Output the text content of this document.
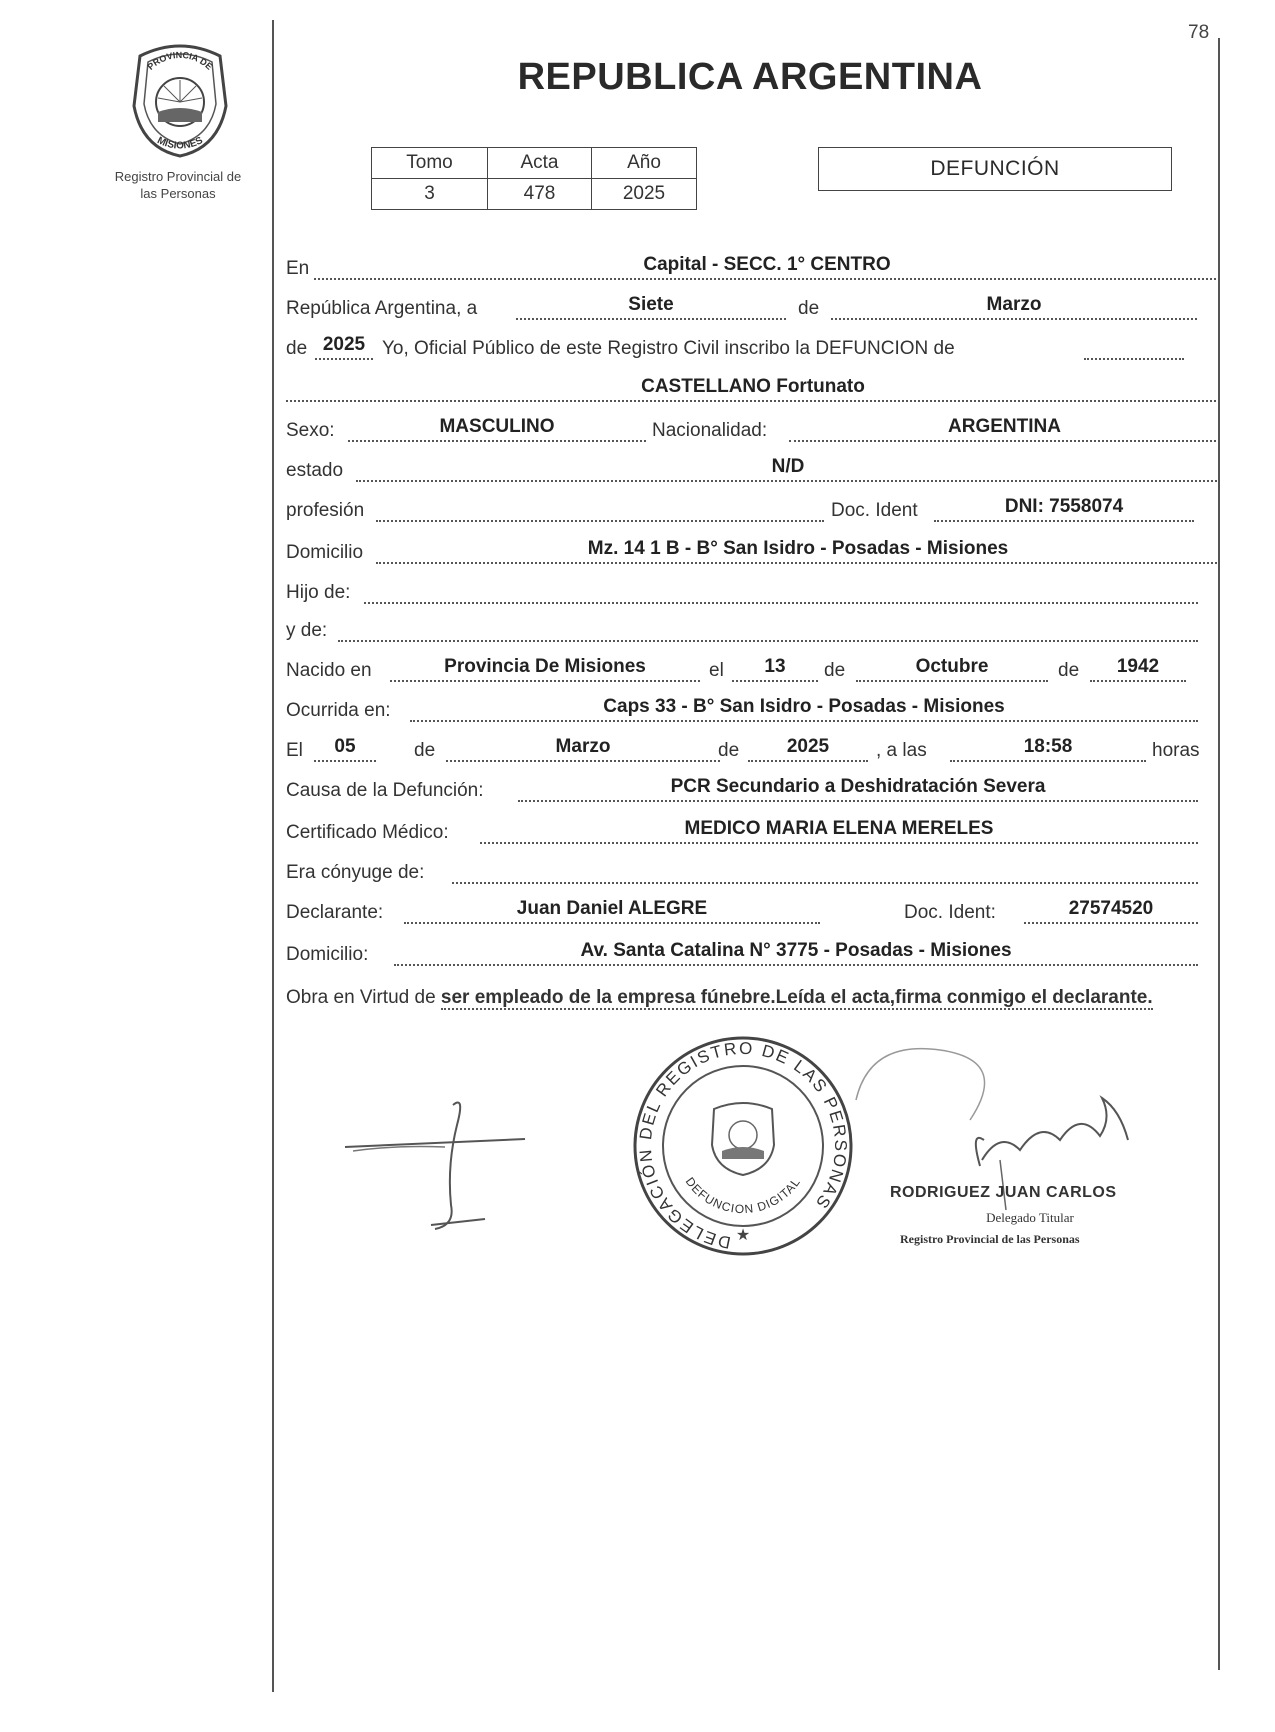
78
PROVINCIA DE
MISIONES
Registro Provincial de
las Personas
REPUBLICA ARGENTINA
Tomo	Acta	Año
3	478	2025
DEFUNCIÓN
En	Capital - SECC. 1° CENTRO
República Argentina, a	Siete	de	Marzo
de 2025 Yo, Oficial Público de este Registro Civil inscribo la DEFUNCION de
CASTELLANO Fortunato
Sexo:	MASCULINO	Nacionalidad:	ARGENTINA
estado	N/D
profesión	Doc. Ident	DNI: 7558074
Domicilio	Mz. 14 1 B - B° San Isidro - Posadas - Misiones
Hijo de:
y de:
Nacido en	Provincia De Misiones	el	13	de	Octubre	de	1942
Ocurrida en:	Caps 33 - B° San Isidro - Posadas - Misiones
El	05	de	Marzo	de	2025	, a las	18:58	horas
Causa de la Defunción:	PCR Secundario a Deshidratación Severa
Certificado Médico:	MEDICO MARIA ELENA MERELES
Era cónyuge de:
Declarante:	Juan Daniel ALEGRE	Doc. Ident:	27574520
Domicilio:	Av. Santa Catalina N° 3775 - Posadas - Misiones
Obra en Virtud de ser empleado de la empresa fúnebre.Leída el acta,firma conmigo el declarante.
DELEGACIÓN DEL REGISTRO DE LAS PERSONAS
DEFUNCION DIGITAL
★
RODRIGUEZ JUAN CARLOS
Delegado Titular
Registro Provincial de las Personas
